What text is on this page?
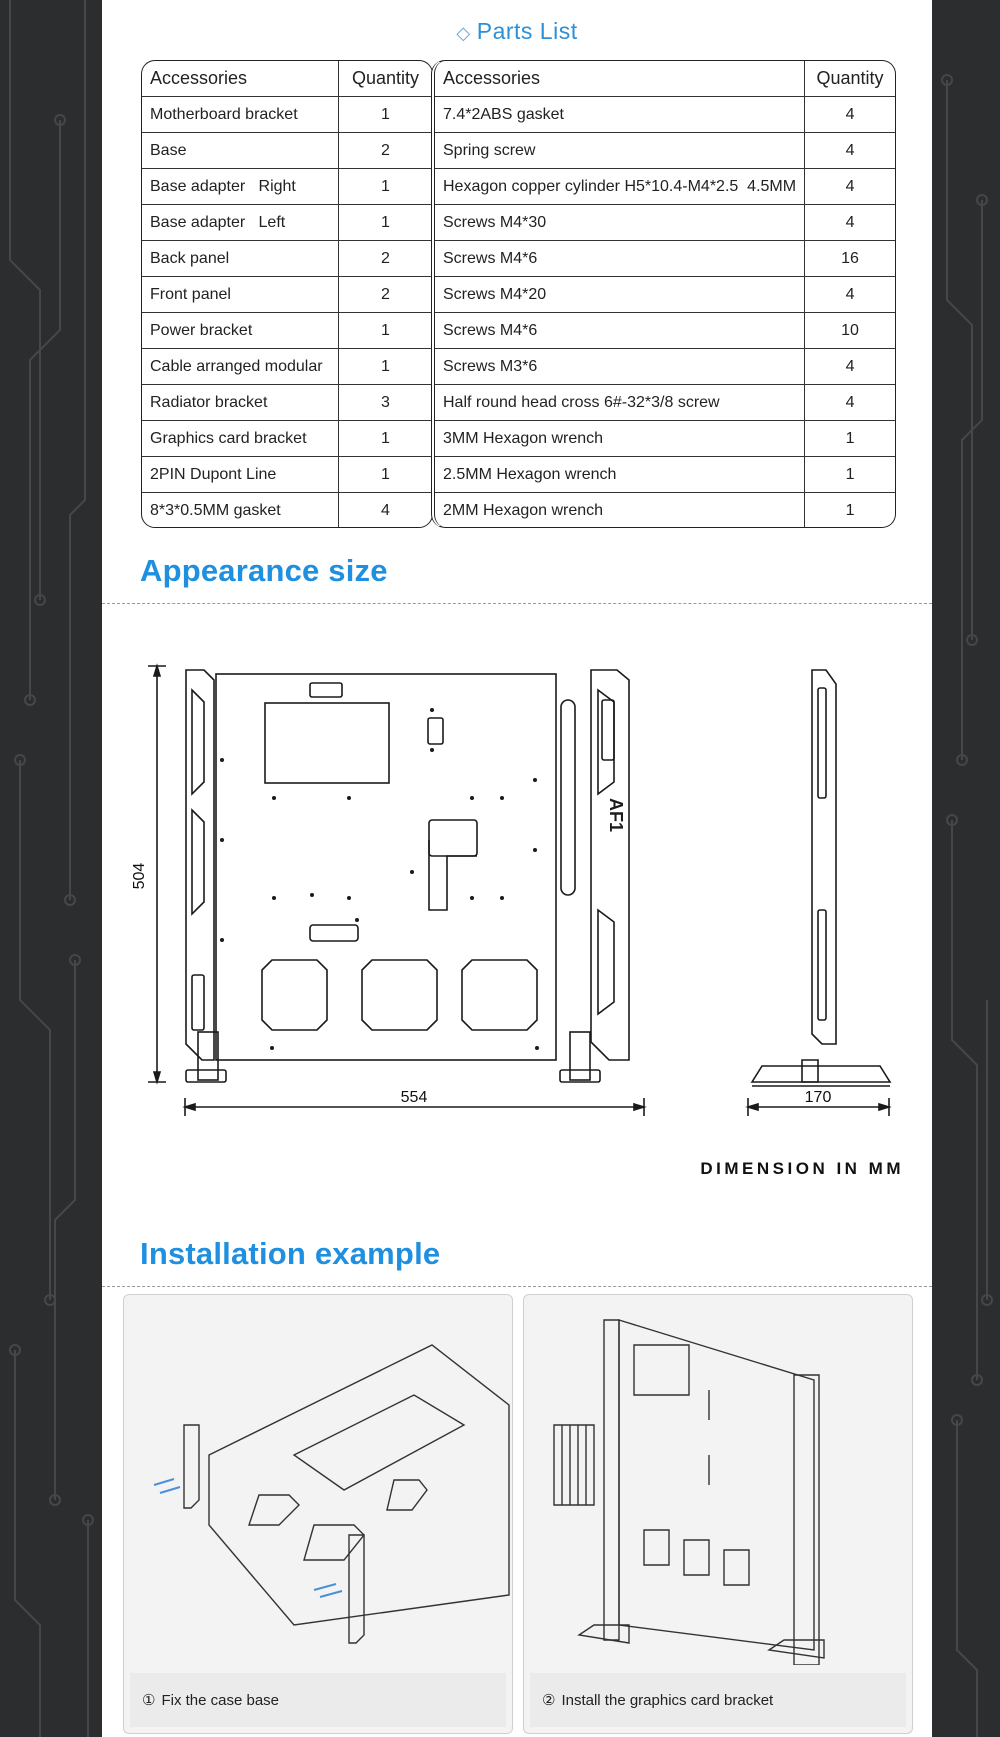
◇ Parts List
Accessories	Quantity
Motherboard bracket	1
Base	2
Base adapter   Right	1
Base adapter   Left	1
Back panel	2
Front panel	2
Power bracket	1
Cable arranged modular	1
Radiator bracket	3
Graphics card bracket	1
2PIN Dupont Line	1
8*3*0.5MM gasket	4
Accessories	Quantity
7.4*2ABS gasket	4
Spring screw	4
Hexagon copper cylinder H5*10.4-M4*2.5  4.5MM	4
Screws M4*30	4
Screws M4*6	16
Screws M4*20	4
Screws M4*6	10
Screws M3*6	4
Half round head cross 6#-32*3/8 screw	4
3MM Hexagon wrench	1
2.5MM Hexagon wrench	1
2MM Hexagon wrench	1
Appearance size
504
554	170
AF1
DIMENSION IN MM
Installation example
① Fix the case base	② Install the graphics card bracket
